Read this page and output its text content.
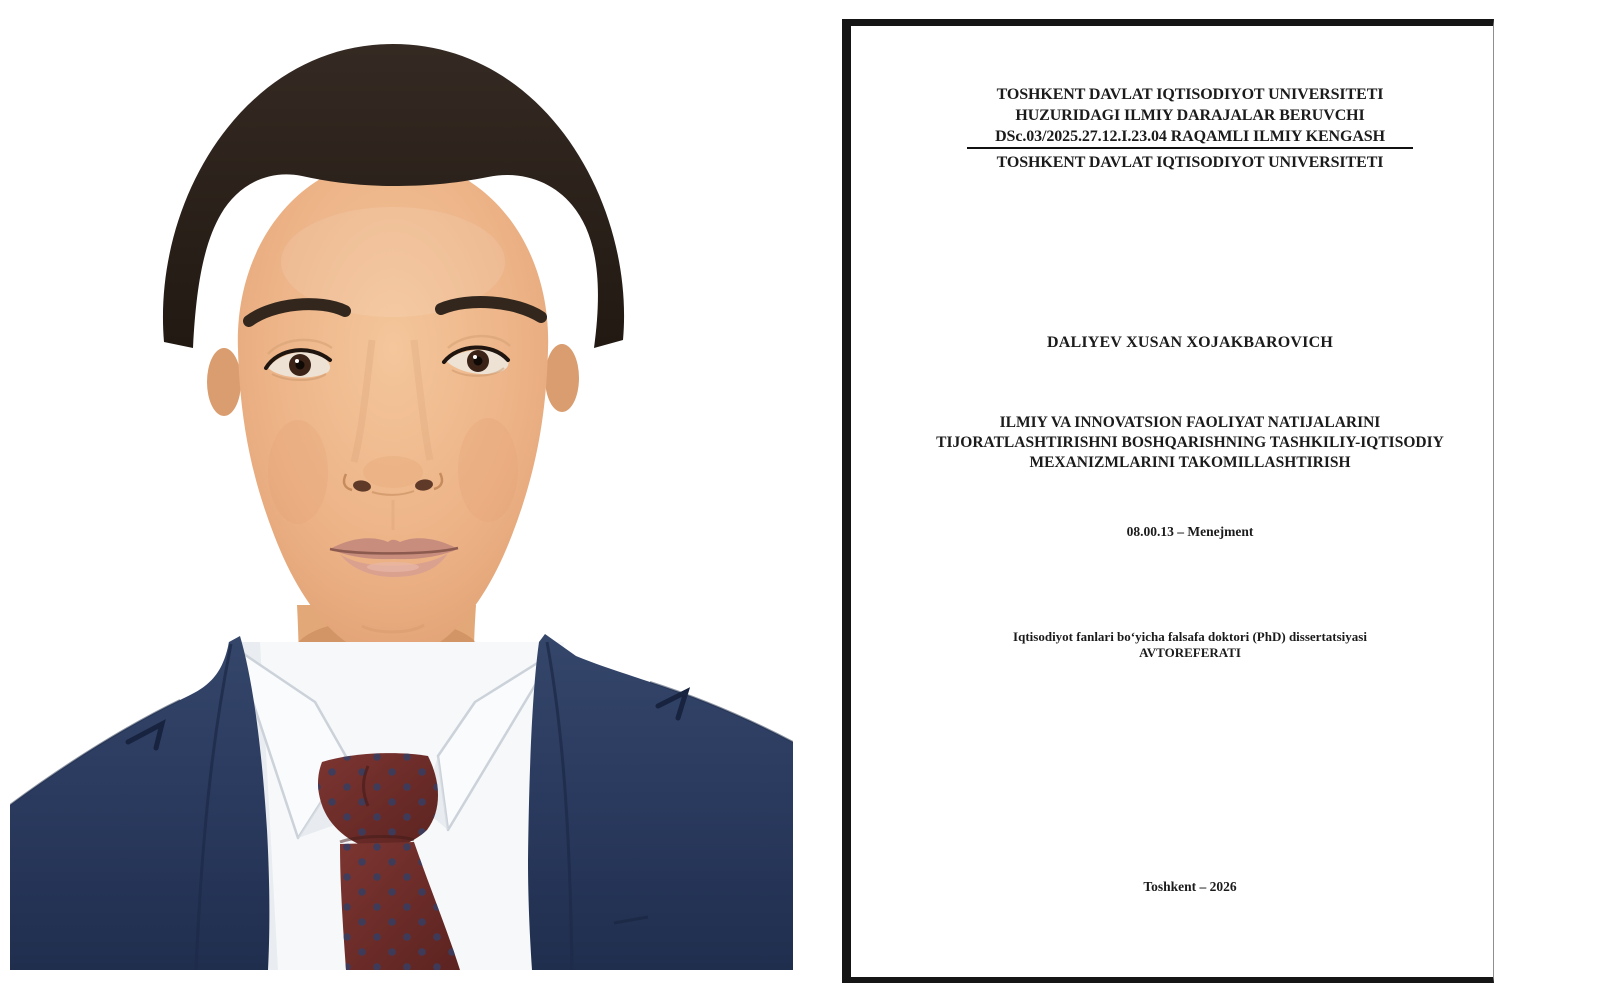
TOSHKENT DAVLAT IQTISODIYOT UNIVERSITETI
HUZURIDAGI ILMIY DARAJALAR BERUVCHI
DSc.03/2025.27.12.I.23.04 RAQAMLI ILMIY KENGASH
TOSHKENT DAVLAT IQTISODIYOT UNIVERSITETI
DALIYEV XUSAN XOJAKBAROVICH
ILMIY VA INNOVATSION FAOLIYAT NATIJALARINI
TIJORATLASHTIRISHNI BOSHQARISHNING TASHKILIY-IQTISODIY
MEXANIZMLARINI TAKOMILLASHTIRISH
08.00.13 – Menejment
Iqtisodiyot fanlari bo‘yicha falsafa doktori (PhD) dissertatsiyasi
AVTOREFERATI
Toshkent – 2026
